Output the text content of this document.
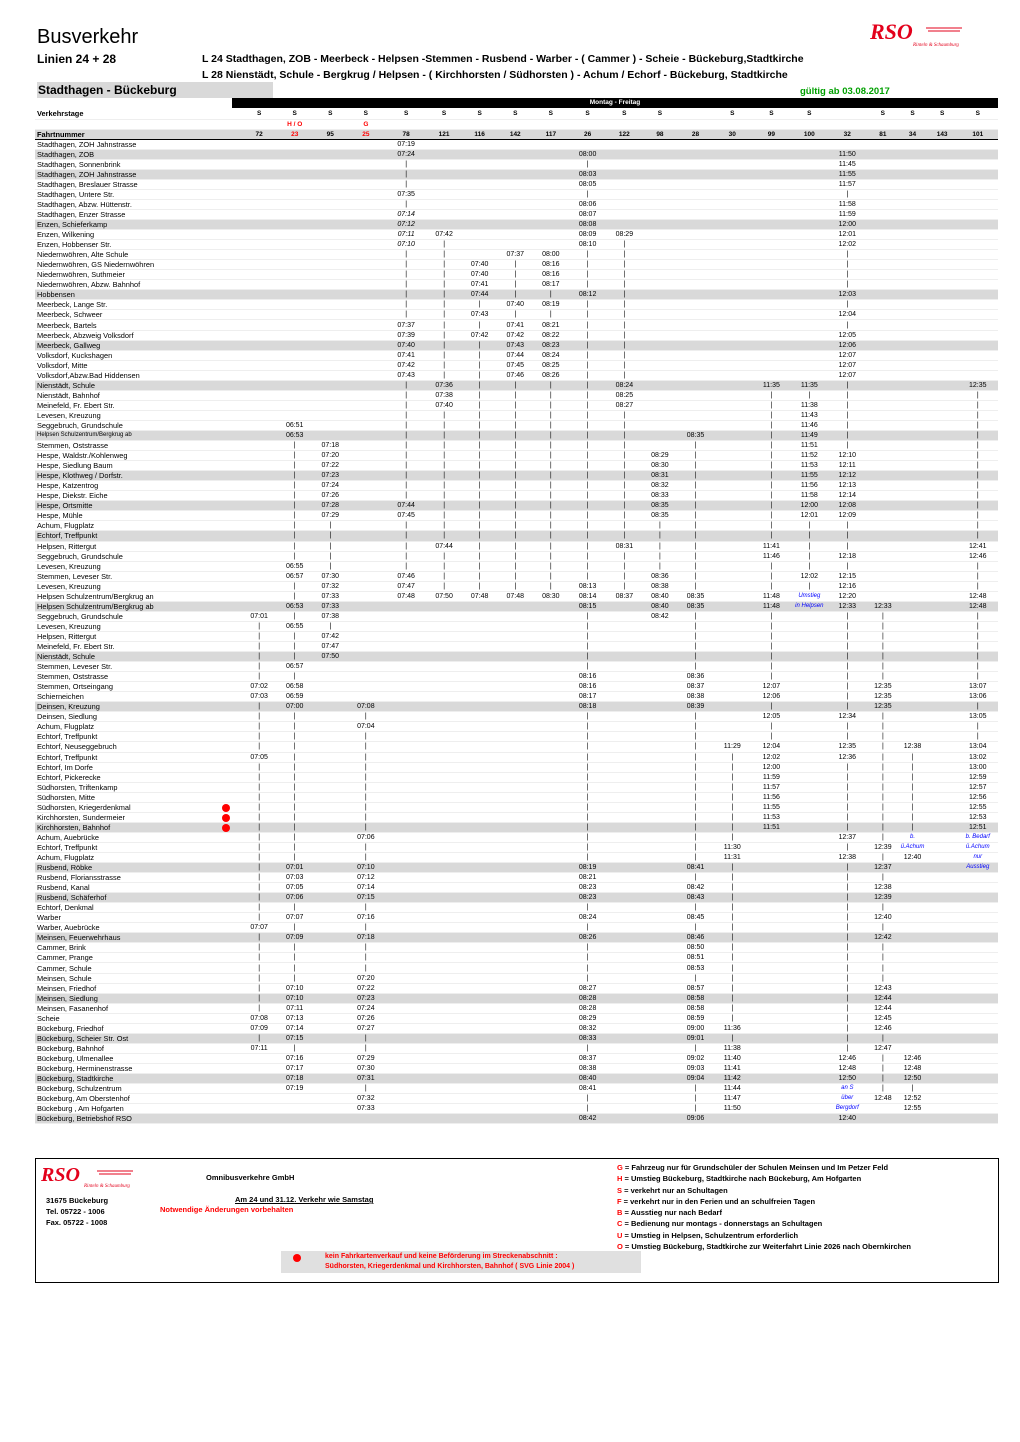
Busverkehr
Linien 24 + 28	L 24 Stadthagen, ZOB - Meerbeck - Helpsen -Stemmen - Rusbend - Warber - ( Cammer ) - Scheie - Bückeburg,Stadtkirche
L 28 Nienstädt, Schule - Bergkrug / Helpsen - ( Kirchhorsten / Südhorsten ) - Achum / Echorf - Bückeburg, Stadtkirche
RSO
Rinteln & Schaumburg
Stadthagen - Bückeburg	gültig ab 03.08.2017
Montag - Freitag
Verkehrstage	S	S	S	S	S	S	S	S	S	S	S	S		S	S	S		S	S	S	S
		H / O		G																	
Fahrtnummer	72	23	95	25	78	121	116	142	117	26	122	98	28	30	99	100	32	81	34	143	101
Stadthagen, ZOH Jahnstrasse					07:19																
Stadthagen, ZOB					07:24					08:00							11:50				
Stadthagen, Sonnenbrink					|					|							11:45				
Stadthagen, ZOH Jahnstrasse					|					08:03							11:55				
Stadthagen, Breslauer Strasse					|					08:05							11:57				
Stadthagen, Untere Str.					07:35					|							|				
Stadthagen, Abzw. Hüttenstr.					|					08:06							11:58				
Stadthagen, Enzer Strasse					07:14					08:07							11:59				
Enzen, Schieferkamp					07:12					08:08							12:00				
Enzen, Wilkening					07:11	07:42				08:09	08:29						12:01				
Enzen, Hobbenser Str.					07:10	|				08:10	|						12:02				
Niedernwöhren, Alte Schule					|	|		07:37	08:00	|	|						|				
Niedernwöhren, GS Niedernwöhren					|	|	07:40	|	08:16	|	|						|				
Niedernwöhren, Suthmeier					|	|	07:40	|	08:16	|	|						|				
Niedernwöhren, Abzw. Bahnhof					|	|	07:41	|	08:17	|	|						|				
Hobbensen					|	|	07:44	|	|	08:12	|						12:03				
Meerbeck, Lange Str.					|	|	|	07:40	08:19	|	|						|				
Meerbeck, Schweer					|	|	07:43	|	|	|	|						12:04				
Meerbeck, Bartels					07:37	|	|	07:41	08:21	|	|						|				
Meerbeck, Abzweig Volksdorf					07:39	|	07:42	07:42	08:22	|	|						12:05				
Meerbeck, Gallweg					07:40	|	|	07:43	08:23	|	|						12:06				
Volksdorf, Kuckshagen					07:41	|	|	07:44	08:24	|	|						12:07				
Volksdorf, Mitte					07:42	|	|	07:45	08:25	|	|						12:07				
Volksdorf,Abzw.Bad Hiddensen					07:43	|	|	07:46	08:26	|	|						12:07				
Nienstädt, Schule					|	07:36	|	|	|	|	08:24				11:35	11:35	|				12:35
Nienstädt, Bahnhof					|	07:38	|	|	|	|	08:25				|	|	|				|
Meinefeld, Fr. Ebert Str.					|	07:40	|	|	|	|	08:27				|	11:38	|				|
Levesen, Kreuzung					|	|	|	|	|	|	|				|	11:43	|				|
Seggebruch, Grundschule		06:51			|	|	|	|	|	|	|				|	11:46	|				|
Helpsen Schulzentrum/Bergkrug ab		06:53			|	|	|	|	|	|	|		08:35		|	11:49	|				|
Stemmen, Oststrasse		|	07:18		|	|	|	|	|	|	|		|		|	11:51	|				|
Hespe, Waldstr./Kohlenweg		|	07:20		|	|	|	|	|	|	|	08:29	|		|	11:52	12:10				|
Hespe, Siedlung Baum		|	07:22		|	|	|	|	|	|	|	08:30	|		|	11:53	12:11				|
Hespe, Klothweg / Dorfstr.		|	07:23		|	|	|	|	|	|	|	08:31	|		|	11:55	12:12				|
Hespe, Katzentrog		|	07:24		|	|	|	|	|	|	|	08:32	|		|	11:56	12:13				|
Hespe, Diekstr. Eiche		|	07:26		|	|	|	|	|	|	|	08:33	|		|	11:58	12:14				|
Hespe, Ortsmitte		|	07:28		07:44	|	|	|	|	|	|	08:35	|		|	12:00	12:08				|
Hespe, Mühle		|	07:29		07:45	|	|	|	|	|	|	08:35	|		|	12:01	12:09				|
Achum, Flugplatz		|	|		|	|	|	|	|	|	|	|	|		|	|	|				|
Echtorf, Treffpunkt		|	|		|	|	|	|	|	|	|	|	|		|	|	|				|
Helpsen, Rittergut		|	|		|	07:44	|	|	|	|	08:31	|	|		11:41	|	|				12:41
Seggebruch, Grundschule		|	|		|	|	|	|	|	|	|	|	|		11:46	|	12:18				12:46
Levesen, Kreuzung		06:55	|		|	|	|	|	|	|	|	|	|		|	|	|				|
Stemmen, Leveser Str.		06:57	07:30		07:46	|	|	|	|	|	|	08:36	|		|	12:02	12:15				|
Levesen, Kreuzung		|	07:32		07:47	|	|	|	|	08:13	|	08:38	|		|	|	12:16				|
Helpsen Schulzentrum/Bergkrug an		|	07:33		07:48	07:50	07:48	07:48	08:30	08:14	08:37	08:40	08:35		11:48	Umstieg	12:20				12:48
Helpsen Schulzentrum/Bergkrug ab		06:53	07:33							08:15		08:40	08:35		11:48	in Helpsen	12:33	12:33			12:48
Seggebruch, Grundschule	07:01	|	07:38							|		08:42	|		|		|	|			|
Levesen, Kreuzung	|	06:55	|							|			|		|		|	|			|
Helpsen, Rittergut	|	|	07:42							|			|		|		|	|			|
Meinefeld, Fr. Ebert Str.	|	|	07:47							|			|		|		|	|			|
Nienstädt, Schule	|	|	07:50							|			|		|		|	|			|
Stemmen, Leveser Str.	|	06:57								|			|		|		|	|			|
Stemmen, Oststrasse	|	|								08:16			08:36		|		|	|			|
Stemmen, Ortseingang	07:02	06:58								08:16			08:37		12:07		|	12:35			13:07
Schierneichen	07:03	06:59								08:17			08:38		12:06		|	12:35			13:06
Deinsen, Kreuzung	|	07:00		07:08						08:18			08:39		|		|	12:35			|
Deinsen, Siedlung	|	|		|						|			|		12:05		12:34	|			13:05
Achum, Flugplatz	|	|		07:04						|			|		|		|	|			|
Echtorf, Treffpunkt	|	|		|						|			|		|		|	|			|
Echtorf, Neuseggebruch	|	|		|						|			|	11:29	12:04		12:35	|	12:38		13:04
Echtorf, Treffpunkt	07:05	|		|						|			|	|	12:02		12:36	|	|		13:02
Echtorf, Im Dorfe	|	|		|						|			|	|	12:00		|	|	|		13:00
Echtorf, Pickerecke	|	|		|						|			|	|	11:59		|	|	|		12:59
Südhorsten, Triftenkamp	|	|		|						|			|	|	11:57		|	|	|		12:57
Südhorsten, Mitte	|	|		|						|			|	|	11:56		|	|	|		12:56
Südhorsten, Kriegerdenkmal	|	|		|						|			|	|	11:55		|	|	|		12:55
Kirchhorsten, Sundermeier	|	|		|						|			|	|	11:53		|	|	|		12:53
Kirchhorsten, Bahnhof	|	|		|						|			|	|	11:51		|	|	|		12:51
Achum, Auebrücke	|	|		07:06						|			|	|			12:37	|	b.		b. Bedarf
Echtorf, Treffpunkt	|	|		|						|			|	11:30			|	12:39	ü.Achum		ü.Achum
Achum, Flugplatz	|	|		|						|			|	11:31			12:38	|	12:40		nur
Rusbend, Röbke	|	07:01		07:10						08:19			08:41	|			|	12:37			Ausstieg
Rusbend, Floriansstrasse	|	07:03		07:12						08:21			|	|			|	|			
Rusbend, Kanal	|	07:05		07:14						08:23			08:42	|			|	12:38			
Rusbend, Schäferhof	|	07:06		07:15						08:23			08:43	|			|	12:39			
Echtorf, Denkmal	|	|		|						|			|	|			|	|			
Warber	|	07:07		07:16						08:24			08:45	|			|	12:40			
Warber, Auebrücke	07:07	|		|						|			|	|			|	|			
Meinsen, Feuerwehrhaus	|	07:09		07:18						08:26			08:46	|			|	12:42			
Cammer, Brink	|	|		|						|			08:50	|			|	|			
Cammer, Prange	|	|		|						|			08:51	|			|	|			
Cammer, Schule	|	|		|						|			08:53	|			|	|			
Meinsen, Schule	|	|		07:20						|			|	|			|	|			
Meinsen, Friedhof	|	07:10		07:22						08:27			08:57	|			|	12:43			
Meinsen, Siedlung	|	07:10		07:23						08:28			08:58	|			|	12:44			
Meinsen, Fasanenhof	|	07:11		07:24						08:28			08:58	|			|	12:44			
Scheie	07:08	07:13		07:26						08:29			08:59	|			|	12:45			
Bückeburg, Friedhof	07:09	07:14		07:27						08:32			09:00	11:36			|	12:46			
Bückeburg, Scheier Str. Ost	|	07:15		|						08:33			09:01	|			|	|			
Bückeburg, Bahnhof	07:11	|		|						|			|	11:38			|	12:47			
Bückeburg, Ulmenallee		07:16		07:29						08:37			09:02	11:40			12:46	|	12:46		
Bückeburg, Herminenstrasse		07:17		07:30						08:38			09:03	11:41			12:48	|	12:48		
Bückeburg, Stadtkirche		07:18		07:31						08:40			09:04	11:42			12:50	|	12:50		
Bückeburg, Schulzentrum		07:19		|						08:41			|	11:44			an S	|	|		
Bückeburg, Am Oberstenhof				07:32						|			|	11:47			über	12:48	12:52		
Bückeburg , Am Hofgarten				07:33						|			|	11:50			Bergdorf		12:55		
Bückeburg, Betriebshof RSO										08:42			09:06				12:40				
RSO
Rinteln & Schaumburg
Omnibusverkehre GmbH
31675 Bückeburg
Tel. 05722 - 1006
Fax. 05722 - 1008
Am 24 und 31.12. Verkehr wie Samstag
Notwendige Änderungen vorbehalten
G = Fahrzeug nur für Grundschüler der Schulen Meinsen und Im Petzer Feld
H = Umstieg Bückeburg, Stadtkirche nach Bückeburg, Am Hofgarten
S = verkehrt nur an Schultagen
F = verkehrt nur in den Ferien und an schulfreien Tagen
B = Ausstieg nur nach Bedarf
C = Bedienung nur montags - donnerstags an Schultagen
U = Umstieg in Helpsen, Schulzentrum erforderlich
O = Umstieg Bückeburg, Stadtkirche zur Weiterfahrt Linie 2026 nach Obernkirchen
kein Fahrkartenverkauf und keine Beförderung im Streckenabschnitt :
Südhorsten, Kriegerdenkmal und Kirchhorsten, Bahnhof ( SVG Linie 2004 )
